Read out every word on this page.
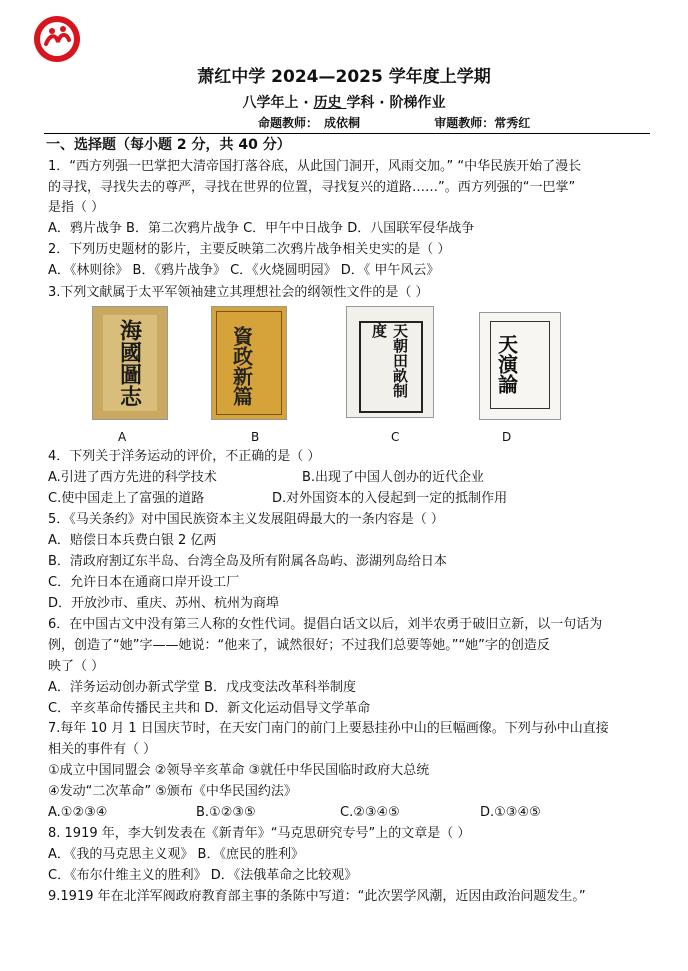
萧红中学 2024—2025 学年度上学期
八学年上 · 历史 学科 · 阶梯作业
命题教师： 成依桐	审题教师：常秀红
一、选择题（每小题 2 分，共 40 分）
1．“西方列强一巴掌把大清帝国打落谷底，从此国门洞开，风雨交加。” “中华民族开始了漫长
的寻找，寻找失去的尊严，寻找在世界的位置，寻找复兴的道路……”。西方列强的“一巴掌”
是指（ ）
A．鸦片战争 B．第二次鸦片战争 C．甲午中日战争 D．八国联军侵华战争
2．下列历史题材的影片，主要反映第二次鸦片战争相关史实的是（ ）
A．《林则徐》 B．《鸦片战争》 C．《火烧圆明园》 D．《 甲午风云》
3.下列文献属于太平军领袖建立其理想社会的纲领性文件的是（ ）
海國圖志	資政新篇	天朝田畝制度
天演論
A	B	C	D
4．下列关于洋务运动的评价，不正确的是（ ）
A.引进了西方先进的科学技术	B.出现了中国人创办的近代企业
C.使中国走上了富强的道路	D.对外国资本的入侵起到一定的抵制作用
5．《马关条约》对中国民族资本主义发展阻碍最大的一条内容是（ ）
A．赔偿日本兵费白银 2 亿两
B．清政府割辽东半岛、台湾全岛及所有附属各岛屿、澎湖列岛给日本
C．允许日本在通商口岸开设工厂
D．开放沙市、重庆、苏州、杭州为商埠
6．在中国古文中没有第三人称的女性代词。提倡白话文以后，刘半农勇于破旧立新，以一句话为
例，创造了“她”字——她说：“他来了，诚然很好；不过我们总要等她。”“她”字的创造反
映了（ ）
A．洋务运动创办新式学堂 B．戊戌变法改革科举制度
C．辛亥革命传播民主共和 D．新文化运动倡导文学革命
7.每年 10 月 1 日国庆节时，在天安门南门的前门上要悬挂孙中山的巨幅画像。下列与孙中山直接
相关的事件有（ ）
①成立中国同盟会 ②领导辛亥革命 ③就任中华民国临时政府大总统
④发动“二次革命” ⑤颁布《中华民国约法》
A.①②③④	B.①②③⑤	C.②③④⑤	D.①③④⑤
8. 1919 年，李大钊发表在《新青年》“马克思研究专号”上的文章是（ ）
A．《我的马克思主义观》 B．《庶民的胜利》
C．《布尔什维主义的胜利》 D．《法俄革命之比较观》
9.1919 年在北洋军阀政府教育部主事的条陈中写道：“此次罢学风潮，近因由政治问题发生。”
